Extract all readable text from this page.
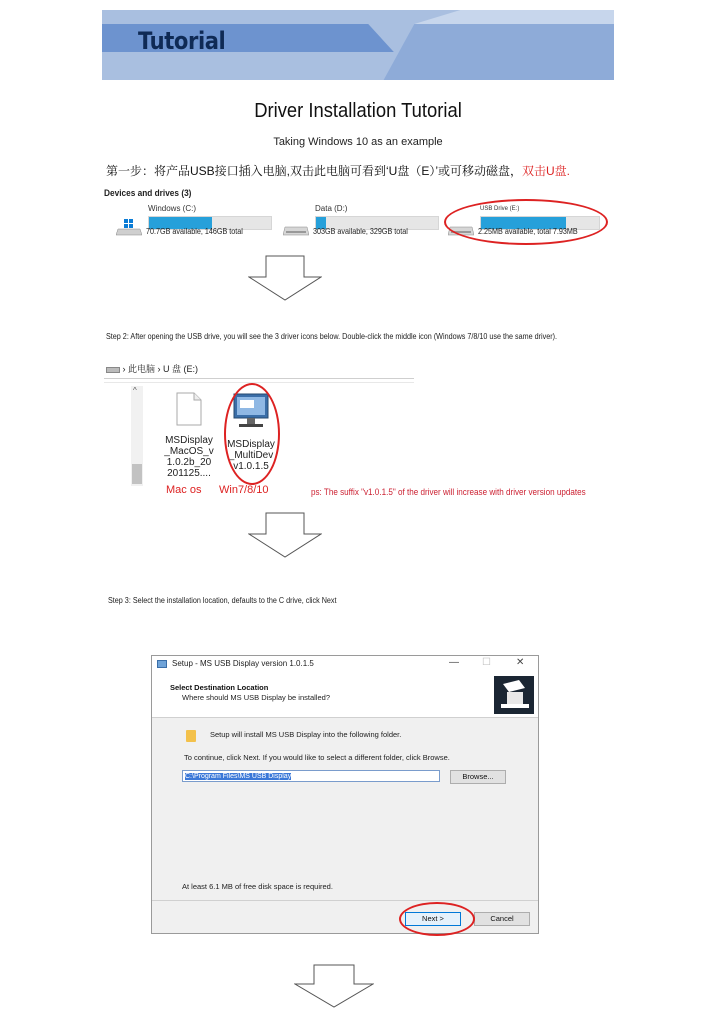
Tutorial
Driver Installation Tutorial
Taking Windows 10 as an example
第一步：将产品USB接口插入电脑,双击此电脑可看到‘U盘（E）’或可移动磁盘，双击U盘.
Devices and drives (3)
Windows (C:)
70.7GB available, 146GB total
Data (D:)
303GB available, 329GB total
USB Drive (E:)
2.25MB available, total 7.93MB
Step 2: After opening the USB drive, you will see the 3 driver icons below. Double-click the middle icon (Windows 7/8/10 use the same driver).
› 此电脑 › U 盘 (E:)
^
MSDisplay
_MacOS_v
1.0.2b_20
201125....
MSDisplay
_MultiDev
v1.0.1.5
Mac os Win7/8/10	ps: The suffix "v1.0.1.5" of the driver will increase with driver version updates
Step 3: Select the installation location, defaults to the C drive, click Next
Setup - MS USB Display version 1.0.1.5	— ☐	✕
Select Destination Location
Where should MS USB Display be installed?
Setup will install MS USB Display into the following folder.
To continue, click Next. If you would like to select a different folder, click Browse.
C:\Program Files\MS USB Display	Browse...
At least 6.1 MB of free disk space is required.
Next >	Cancel
